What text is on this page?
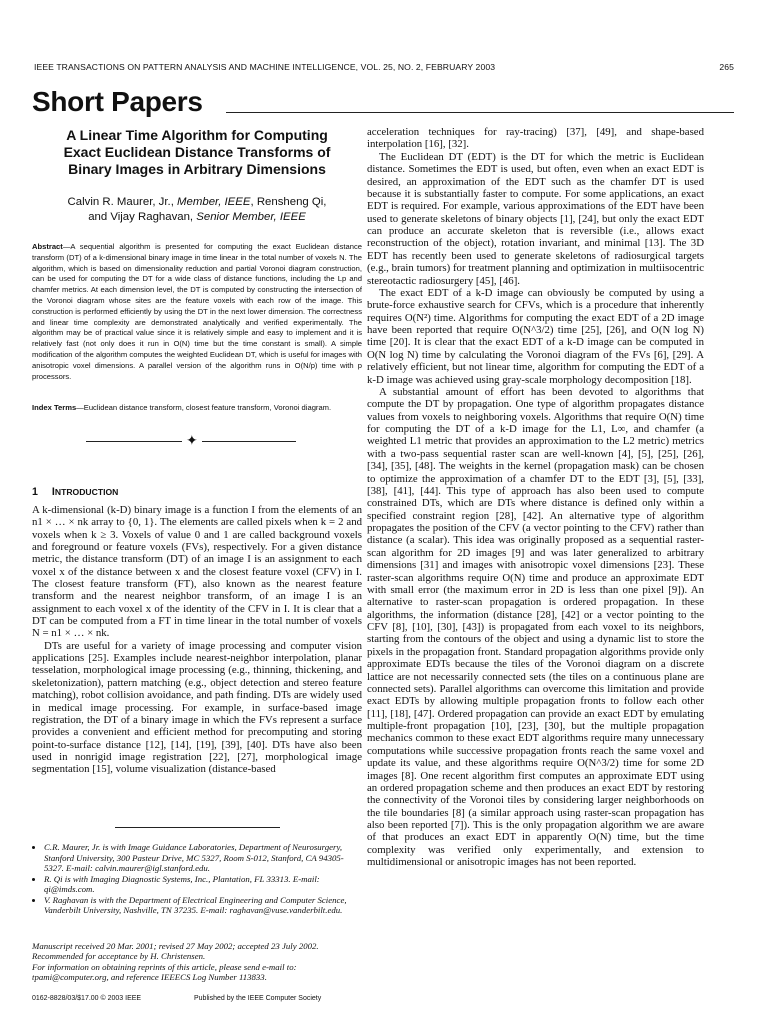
IEEE TRANSACTIONS ON PATTERN ANALYSIS AND MACHINE INTELLIGENCE, VOL. 25, NO. 2, FEBRUARY 2003	265
Short Papers
A Linear Time Algorithm for Computing
Exact Euclidean Distance Transforms of
Binary Images in Arbitrary Dimensions
Calvin R. Maurer, Jr., Member, IEEE, Rensheng Qi,
and Vijay Raghavan, Senior Member, IEEE
Abstract—A sequential algorithm is presented for computing the exact Euclidean distance transform (DT) of a k-dimensional binary image in time linear in the total number of voxels N. The algorithm, which is based on dimensionality reduction and partial Voronoi diagram construction, can be used for computing the DT for a wide class of distance functions, including the Lp and chamfer metrics. At each dimension level, the DT is computed by constructing the intersection of the Voronoi diagram whose sites are the feature voxels with each row of the image. This construction is performed efficiently by using the DT in the next lower dimension. The correctness and linear time complexity are demonstrated analytically and verified experimentally. The algorithm may be of practical value since it is relatively simple and easy to implement and it is relatively fast (not only does it run in O(N) time but the time constant is small). A simple modification of the algorithm computes the weighted Euclidean DT, which is useful for images with anisotropic voxel dimensions. A parallel version of the algorithm runs in O(N/p) time with p processors.
Index Terms—Euclidean distance transform, closest feature transform, Voronoi diagram.
✦
1 INTRODUCTION

A k-dimensional (k-D) binary image is a function I from the elements of an n1 × … × nk array to {0, 1}. The elements are called pixels when k = 2 and voxels when k ≥ 3. Voxels of value 0 and 1 are called background voxels and foreground or feature voxels (FVs), respectively. For a given distance metric, the distance transform (DT) of an image I is an assignment to each voxel x of the distance between x and the closest feature voxel (CFV) in I. The closest feature transform (FT), also known as the nearest feature transform and the nearest neighbor transform, of an image I is an assignment to each voxel x of the identity of the CFV in I. It is clear that a DT can be computed from a FT in time linear in the total number of voxels N = n1 × … × nk.

DTs are useful for a variety of image processing and computer vision applications [25]. Examples include nearest-neighbor interpolation, planar tesselation, morphological image processing (e.g., thinning, thickening, and skeletonization), pattern matching (e.g., object detection and stereo feature matching), robot collision avoidance, and path finding. DTs are widely used in medical image processing. For example, in surface-based image registration, the DT of a binary image in which the FVs represent a surface provides a convenient and efficient method for precomputing and storing point-to-surface distance [12], [14], [19], [39], [40]. DTs have also been used in nonrigid image registration [22], [27], morphological image segmentation [15], volume visualization (distance-based

• C.R. Maurer, Jr. is with Image Guidance Laboratories, Department of Neurosurgery, Stanford University, 300 Pasteur Drive, MC 5327, Room S-012, Stanford, CA 94305-5327. E-mail: calvin.maurer@igl.stanford.edu.
• R. Qi is with Imaging Diagnostic Systems, Inc., Plantation, FL 33313. E-mail: qi@imds.com.
• V. Raghavan is with the Department of Electrical Engineering and Computer Science, Vanderbilt University, Nashville, TN 37235. E-mail: raghavan@vuse.vanderbilt.edu.

Manuscript received 20 Mar. 2001; revised 27 May 2002; accepted 23 July 2002. Recommended for acceptance by H. Christensen.

For information on obtaining reprints of this article, please send e-mail to: tpami@computer.org, and reference IEEECS Log Number 113833.

0162-8828/03/$17.00 © 2003 IEEE	Published by the IEEE Computer Society

acceleration techniques for ray-tracing) [37], [49], and shape-based interpolation [16], [32].

The Euclidean DT (EDT) is the DT for which the metric is Euclidean distance. Sometimes the EDT is used, but often, even when an exact EDT is desired, an approximation of the EDT such as the chamfer DT is used because it is substantially faster to compute. For some applications, an exact EDT is required. For example, various approximations of the EDT have been used to generate skeletons of binary objects [1], [24], but only the exact EDT can produce an accurate skeleton that is reversible (i.e., allows exact reconstruction of the object), rotation invariant, and minimal [13]. The 3D EDT has recently been used to generate skeletons of radiosurgical targets (e.g., brain tumors) for treatment planning and optimization in multiisocentric stereotactic radiosurgery [45], [46].

The exact EDT of a k-D image can obviously be computed by using a brute-force exhaustive search for CFVs, which is a procedure that inherently requires O(N²) time. Algorithms for computing the exact EDT of a 2D image have been reported that require O(N^3/2) time [25], [26], and O(N log N) time [20]. It is clear that the exact EDT of a k-D image can be computed in O(N log N) time by calculating the Voronoi diagram of the FVs [6], [29]. A relatively efficient, but not linear time, algorithm for computing the EDT of a k-D image was achieved using gray-scale morphology decomposition [18].

A substantial amount of effort has been devoted to algorithms that compute the DT by propagation. One type of algorithm propagates distance values from voxels to neighboring voxels. Algorithms that require O(N) time for computing the DT of a k-D image for the L1, L∞, and chamfer (a weighted L1 metric that provides an approximation to the L2 metric) metrics with a two-pass sequential raster scan are well-known [4], [5], [25], [26], [34], [35], [48]. The weights in the kernel (propagation mask) can be chosen to optimize the approximation of a chamfer DT to the EDT [3], [5], [33], [38], [41], [44]. This type of approach has also been used to compute constrained DTs, which are DTs where distance is defined only within a specified constraint region [28], [42]. An alternative type of algorithm propagates the position of the CFV (a vector pointing to the CFV) rather than distance (a scalar). This idea was originally proposed as a sequential raster-scan algorithm for 2D images [9] and was later generalized to arbitrary dimensions [31] and images with anisotropic voxel dimensions [23]. These raster-scan algorithms require O(N) time and produce an approximate EDT with small error (the maximum error in 2D is less than one pixel [9]). An alternative to raster-scan propagation is ordered propagation. In these algorithms, the information (distance [28], [42] or a vector pointing to the CFV [8], [10], [30], [43]) is propagated from each voxel to its neighbors, starting from the contours of the object and using a dynamic list to store the pixels in the propagation front. Standard propagation algorithms provide only approximate EDTs because the tiles of the Voronoi diagram on a discrete lattice are not necessarily connected sets (the tiles on a continuous plane are connected sets). Parallel algorithms can overcome this limitation and provide exact EDTs by allowing multiple propagation fronts to follow each other [11], [18], [47]. Ordered propagation can provide an exact EDT by emulating multiple-front propagation [10], [23], [30], but the multiple propagation mechanics common to these exact EDT algorithms require many unnecessary computations while successive propagation fronts reach the same voxel and update its value, and these algorithms require O(N^3/2) time for some 2D images [8]. One recent algorithm first computes an approximate EDT using an ordered propagation scheme and then produces an exact EDT by restoring the connectivity of the Voronoi tiles by considering larger neighborhoods on the tile boundaries [8] (a similar approach using raster-scan propagation has also been reported [7]). This is the only propagation algorithm we are aware of that produces an exact EDT in apparently O(N) time, but the time complexity was verified only experimentally, and extension to multidimensional or anisotropic images has not been reported.
